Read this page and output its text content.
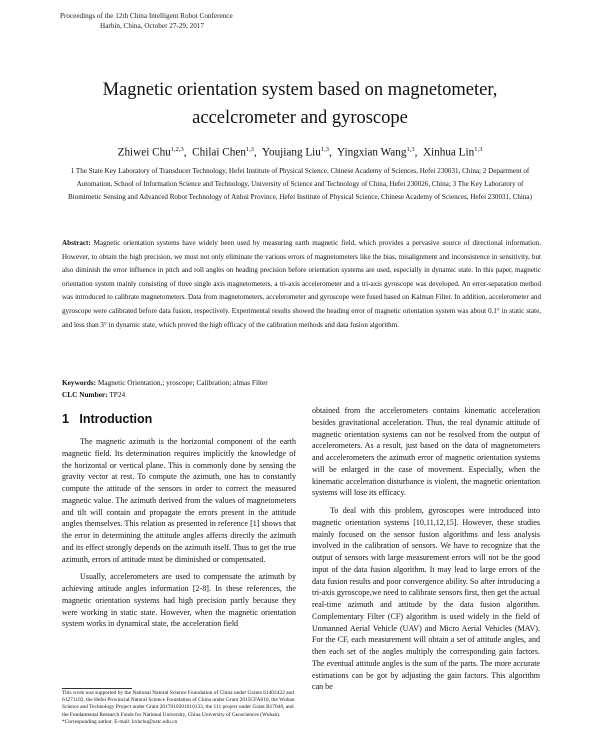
Proceedings of the 12th China Intelligent Robot Conference
Harbin, China, October 27-29, 2017
Magnetic orientation system based on magnetometer,
accelcrometer and gyroscope
Zhiwei Chu$^{1,2,3}$,  Chilai Chen$^{1,3}$,  Youjiang Liu$^{1,3}$,  Yingxian Wang$^{1,3}$,  Xinhua Lin$^{1,3}$
1 The State Key Laboratory of Transducer Technology, Hefei Institute of Physical Science, Chinese Academy of Sciences, Hefei 230031, China; 2 Department of Automation, School of Information Science and Technology, University of Science and Technology of China, Hefei 230026, China; 3 The Key Laboratory of Biomimetic Sensing and Advanced Robot Technology of Anhui Province, Hefei Institute of Physical Science, Chinese Academy of Sciences, Hefei 230031, China)
Abstract: Magnetic orientation systems have widely been used by measuring earth magnetic field, which provides a pervasive source of directional information. However, to obtain the high precision, we must not only eliminate the various errors of magnetometers like the bias, misalignment and inconsistence in sensitivity, but also diminish the error influence in pitch and roll angles on heading precision before orientation systems are used, especially in dynamic state. In this paper, magnetic orientation system mainly consisting of three single axis magnetometers, a tri-axis accelerometer and a tri-axis gyroscope was developed. An error-separation method was introduced to calibrate magnetometers. Data from magnetometers, accelerometer and gyroscope were fused based on Kalman Filter. In addition, accelerometer and gyroscope were calibrated before data fusion, respectively. Experimental results showed the heading error of magnetic orientation system was about 0.1° in static state, and less than 3° in dynamic state, which proved the high efficacy of the calibration methods and data fusion algorithm.
Keywords: Magnetic Orientation,; yroscope; Calibration; almas Filter
CLC Number: TP24
1 Introduction

The magnetic azimuth is the horizontal component of the earth magnetic field. Its determination requires implicitly the knowledge of the horizontal or vertical plane. This is commonly done by sensing the gravity vector at rest. To compute the azimuth, one has to constantly compute the attitude of the sensors in order to correct the measured magnetic value. The azimuth derived from the values of magnetometers and tilt will contain and propagate the errors present in the attitude angles themselves. This relation as presented in reference [1] shows that the error in determining the attitude angles affects directly the azimuth and its effect strongly depends on the azimuth itself. Thus to get the true azimuth, errors of attitude must be diminished or compensated.

Usually, accelerometers are used to compensate the azimuth by achieving attitude angles information [2-8]. In these references, the magnetic orientation systems had high precision partly because they were working in static state. However, when the magnetic orientation system works in dynamical state, the acceleration field

obtained from the accelerometers contains kinematic acceleration besides gravitational acceleration. Thus, the real dynamic attitude of magnetic orientation systems can not be resolved from the output of accelerometers. As a result, just based on the data of magnetometers and accelerometers the azimuth error of magnetic orientation systems will be enlarged in the case of movement. Especially, when the kinematic acceleration disturbance is violent, the magnetic orientation systems will lose its efficacy.

To deal with this problem, gyroscopes were introduced into magnetic orientation systems [10,11,12,15]. However, these studies mainly focused on the sensor fusion algorithms and less analysis involved in the calibration of sensors. We have to recognize that the output of sensors with large measurement errors will not be the good input of the data fusion algorithm. It may lead to large errors of the data fusion results and poor convergence ability. So after introducing a tri-axis gyroscope,we need to calibrate sensors first, then get the actual real-time azimuth and attitude by the data fusion algorithm. Complementary Filter (CF) algorithm is used widely in the field of Unmanned Aerial Vehicle (UAV) and Micro Aerial Vehicles (MAV). For the CF, each measurement will obtain a set of attitude angles, and then each set of the angles multiply the corresponding gain factors. The eventual attitude angles is the sum of the parts. The more accurate estimations can be got by adjusting the gain factors. This algorithm can be

This work was supported by the National Natural Science Foundation of China under Grants 61402422 and 61271102, the Hefei Provincial Natural Science Foundation of China under Grant 2015CFA010, the Wuhan Science and Technology Project under Grant 2017010201010133, the 111 project under Grant B17040, and the Fundamental Research Funds for National University, China University of Geosciences (Wuhan). *Corresponding author. E-mail: lixhchu@ustc.edu.cn
